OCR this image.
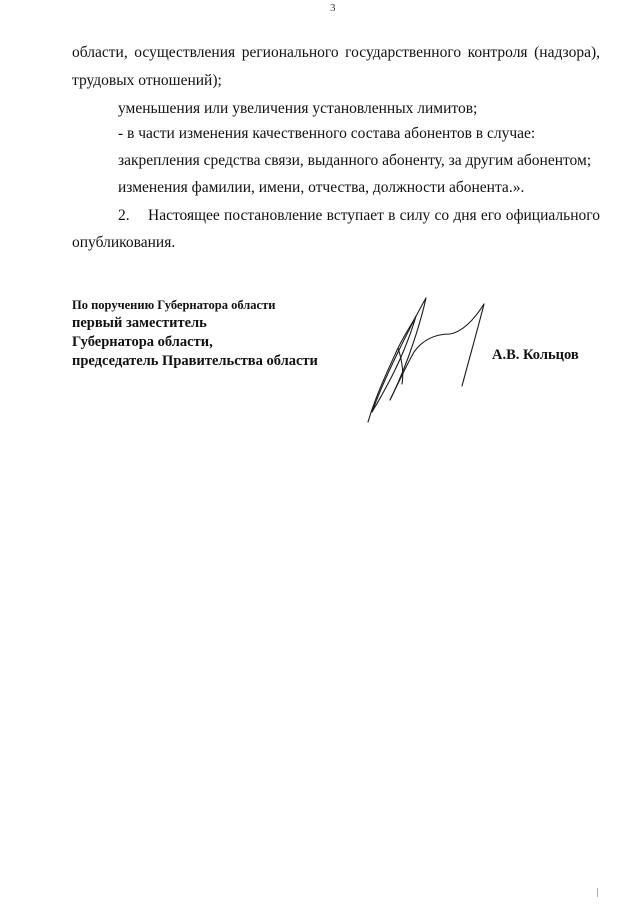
3
области, осуществления регионального государственного контроля (надзора),
трудовых отношений);
уменьшения или увеличения установленных лимитов;
- в части изменения качественного состава абонентов в случае:
закрепления средства связи, выданного абоненту, за другим абонентом;
изменения фамилии, имени, отчества, должности абонента.».
2.	Настоящее постановление вступает в силу со дня его официального
опубликования.
По поручению Губернатора области
первый заместитель
Губернатора области,
председатель Правительства области	А.В. Кольцов
